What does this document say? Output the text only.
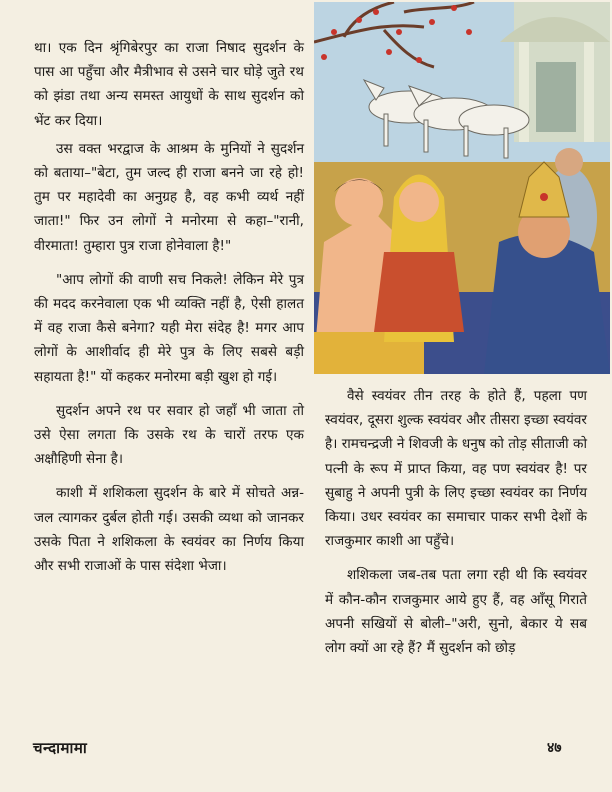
था। एक दिन श्रृंगिबेरपुर का राजा निषाद सुदर्शन के पास आ पहुँचा और मैत्रीभाव से उसने चार घोड़े जुते रथ को झंडा तथा अन्य समस्त आयुधों के साथ सुदर्शन को भेंट कर दिया।

उस वक्त भरद्वाज के आश्रम के मुनियों ने सुदर्शन को बताया–"बेटा, तुम जल्द ही राजा बनने जा रहे हो! तुम पर महादेवी का अनुग्रह है, वह कभी व्यर्थ नहीं जाता!" फिर उन लोगों ने मनोरमा से कहा–"रानी, वीरमाता! तुम्हारा पुत्र राजा होनेवाला है!"

"आप लोगों की वाणी सच निकले! लेकिन मेरे पुत्र की मदद करनेवाला एक भी व्यक्ति नहीं है, ऐसी हालत में वह राजा कैसे बनेगा? यही मेरा संदेह है! मगर आप लोगों के आशीर्वाद ही मेरे पुत्र के लिए सबसे बड़ी सहायता है!" यों कहकर मनोरमा बड़ी खुश हो गई।

सुदर्शन अपने रथ पर सवार हो जहाँ भी जाता तो उसे ऐसा लगता कि उसके रथ के चारों तरफ एक अक्षौहिणी सेना है।

काशी में शशिकला सुदर्शन के बारे में सोचते अन्न-जल त्यागकर दुर्बल होती गई। उसकी व्यथा को जानकर उसके पिता ने शशिकला के स्वयंवर का निर्णय किया और सभी राजाओं के पास संदेशा भेजा।

वैसे स्वयंवर तीन तरह के होते हैं, पहला पण स्वयंवर, दूसरा शुल्क स्वयंवर और तीसरा इच्छा स्वयंवर है। रामचन्द्रजी ने शिवजी के धनुष को तोड़ सीताजी को पत्नी के रूप में प्राप्त किया, वह पण स्वयंवर है! पर सुबाहु ने अपनी पुत्री के लिए इच्छा स्वयंवर का निर्णय किया। उधर स्वयंवर का समाचार पाकर सभी देशों के राजकुमार काशी आ पहुँचे।

शशिकला जब-तब पता लगा रही थी कि स्वयंवर में कौन-कौन राजकुमार आये हुए हैं, वह आँसू गिराते अपनी सखियों से बोली–"अरी, सुनो, बेकार ये सब लोग क्यों आ रहे हैं? मैं सुदर्शन को छोड़

चन्दामामा	४७
